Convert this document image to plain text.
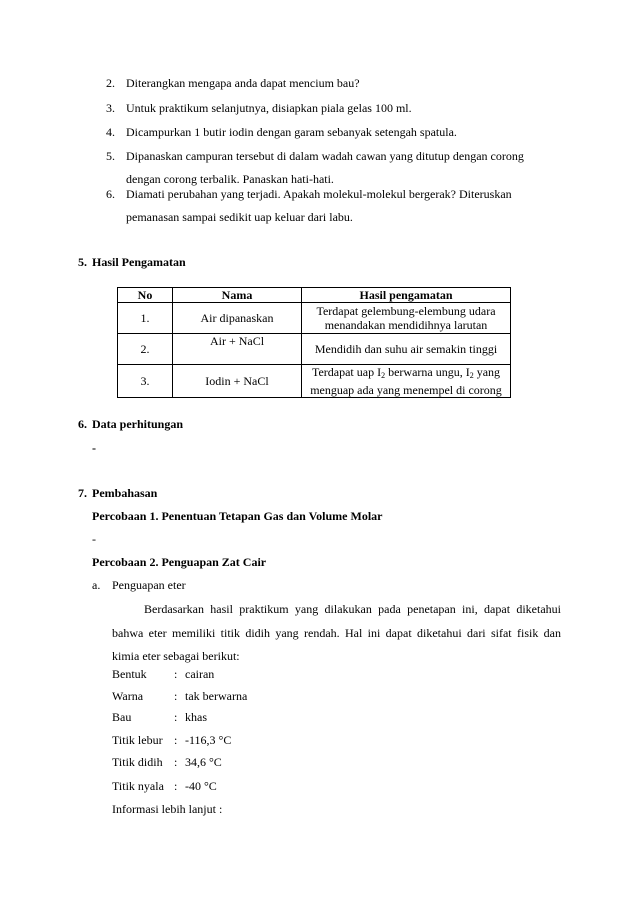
2. Diterangkan mengapa anda dapat mencium bau?
3. Untuk praktikum selanjutnya, disiapkan piala gelas 100 ml.
4. Dicampurkan 1 butir iodin dengan garam sebanyak setengah spatula.
5. Dipanaskan campuran tersebut di dalam wadah cawan yang ditutup dengan corong
dengan corong terbalik. Panaskan hati-hati.
6. Diamati perubahan yang terjadi. Apakah molekul-molekul bergerak? Diteruskan
pemanasan sampai sedikit uap keluar dari labu.
5. Hasil Pengamatan
No	Nama	Hasil pengamatan
1.	Air dipanaskan	Terdapat gelembung-elembung udara
menandakan mendidihnya larutan

2.	Air + NaCl	Mendidih dan suhu air semakin tinggi
3.	Iodin + NaCl	Terdapat uap $I_2$ berwarna ungu, $I_2$ yang
menguap ada yang menempel di corong
6. Data perhitungan
-
7. Pembahasan
Percobaan 1. Penentuan Tetapan Gas dan Volume Molar
-
Percobaan 2. Penguapan Zat Cair
a. Penguapan eter
Berdasarkan hasil praktikum yang dilakukan pada penetapan ini, dapat diketahui
bahwa eter memiliki titik didih yang rendah. Hal ini dapat diketahui dari sifat fisik dan
kimia eter sebagai berikut:
Bentuk : cairan
Warna	: tak berwarna
Bau	: khas
Titik lebur : -116,3 °C
Titik didih : 34,6 °C
Titik nyala : -40 °C
Informasi lebih lanjut :
